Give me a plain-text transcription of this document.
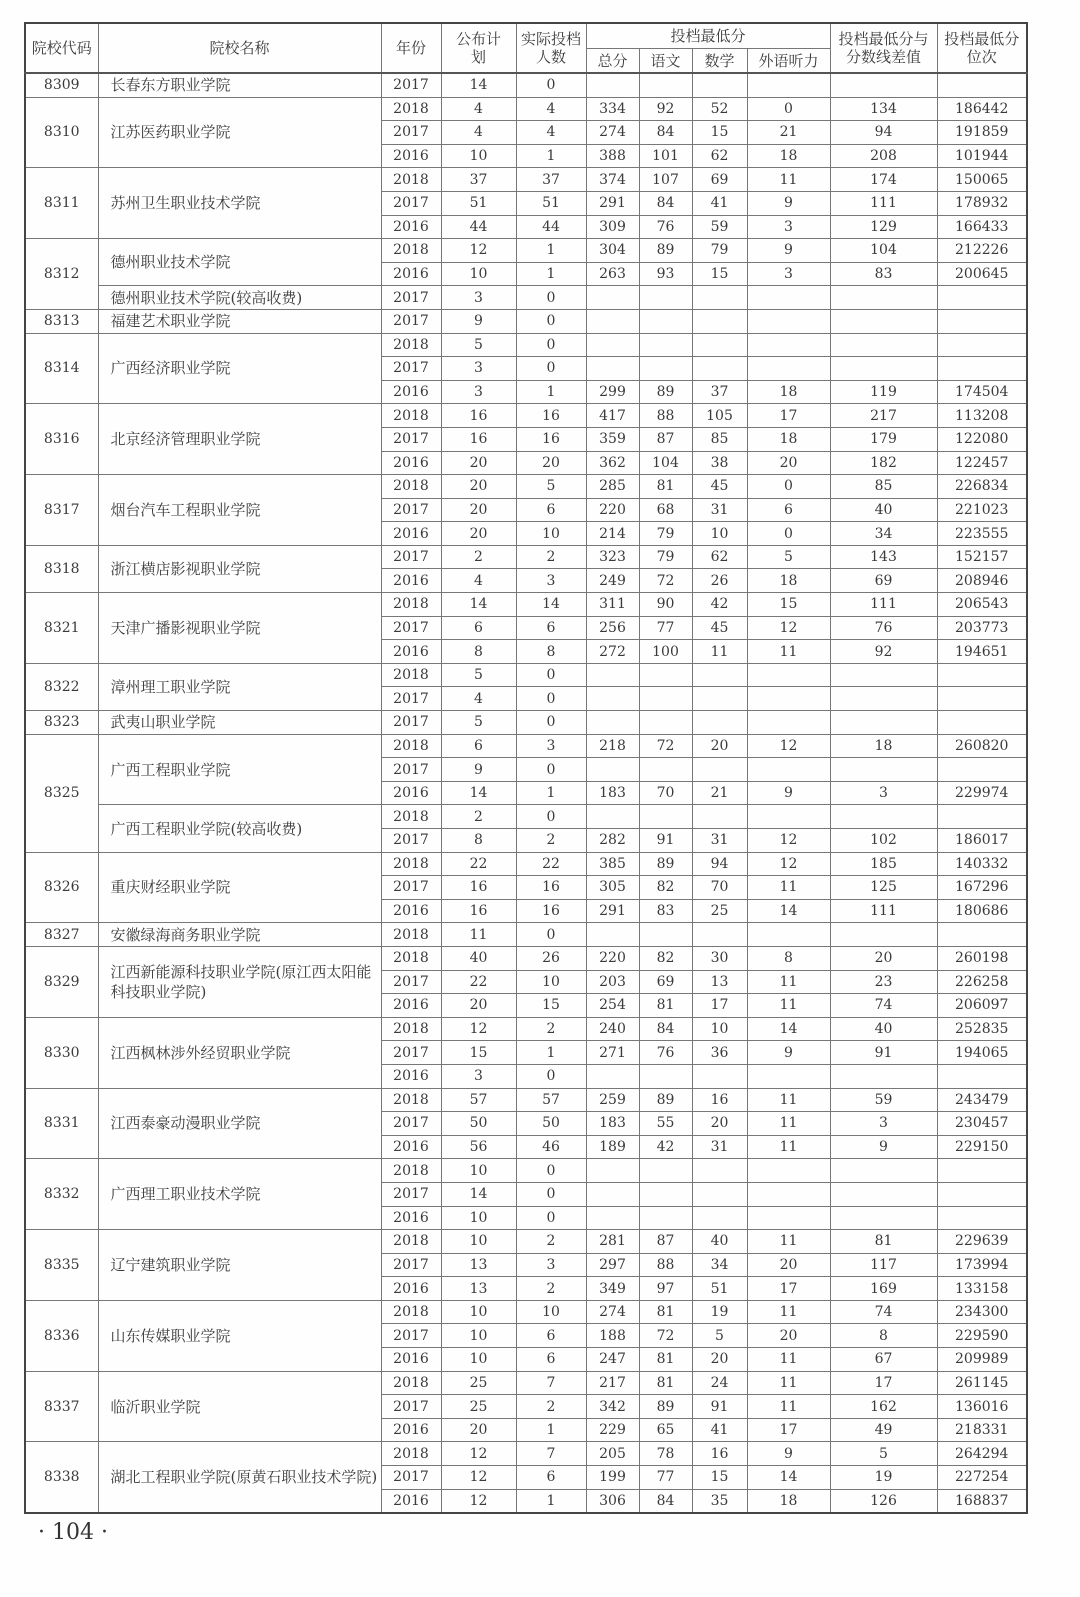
院校代码	院校名称	年份	公布计划	实际投档人数	投档最低分				投档最低分与分数线差值	投档最低分位次
					总分	语文	数学	外语听力		
8309	长春东方职业学院	2017	14	0						
8310	江苏医药职业学院	2018	4	4	334	92	52	0	134	186442
		2017	4	4	274	84	15	21	94	191859
		2016	10	1	388	101	62	18	208	101944
8311	苏州卫生职业技术学院	2018	37	37	374	107	69	11	174	150065
		2017	51	51	291	84	41	9	111	178932
		2016	44	44	309	76	59	3	129	166433
8312	德州职业技术学院	2018	12	1	304	89	79	9	104	212226
		2016	10	1	263	93	15	3	83	200645
	德州职业技术学院(较高收费)	2017	3	0						
8313	福建艺术职业学院	2017	9	0						
8314	广西经济职业学院	2018	5	0						
		2017	3	0						
		2016	3	1	299	89	37	18	119	174504
8316	北京经济管理职业学院	2018	16	16	417	88	105	17	217	113208
		2017	16	16	359	87	85	18	179	122080
		2016	20	20	362	104	38	20	182	122457
8317	烟台汽车工程职业学院	2018	20	5	285	81	45	0	85	226834
		2017	20	6	220	68	31	6	40	221023
		2016	20	10	214	79	10	0	34	223555
8318	浙江横店影视职业学院	2017	2	2	323	79	62	5	143	152157
		2016	4	3	249	72	26	18	69	208946
8321	天津广播影视职业学院	2018	14	14	311	90	42	15	111	206543
		2017	6	6	256	77	45	12	76	203773
		2016	8	8	272	100	11	11	92	194651
8322	漳州理工职业学院	2018	5	0						
		2017	4	0						
8323	武夷山职业学院	2017	5	0						
8325	广西工程职业学院	2018	6	3	218	72	20	12	18	260820
		2017	9	0						
		2016	14	1	183	70	21	9	3	229974
	广西工程职业学院(较高收费)	2018	2	0						
		2017	8	2	282	91	31	12	102	186017
8326	重庆财经职业学院	2018	22	22	385	89	94	12	185	140332
		2017	16	16	305	82	70	11	125	167296
		2016	16	16	291	83	25	14	111	180686
8327	安徽绿海商务职业学院	2018	11	0						
8329	江西新能源科技职业学院(原江西太阳能科技职业学院)	2018	40	26	220	82	30	8	20	260198
		2017	22	10	203	69	13	11	23	226258
		2016	20	15	254	81	17	11	74	206097
8330	江西枫林涉外经贸职业学院	2018	12	2	240	84	10	14	40	252835
		2017	15	1	271	76	36	9	91	194065
		2016	3	0						
8331	江西泰豪动漫职业学院	2018	57	57	259	89	16	11	59	243479
		2017	50	50	183	55	20	11	3	230457
		2016	56	46	189	42	31	11	9	229150
8332	广西理工职业技术学院	2018	10	0						
		2017	14	0						
		2016	10	0						
8335	辽宁建筑职业学院	2018	10	2	281	87	40	11	81	229639
		2017	13	3	297	88	34	20	117	173994
		2016	13	2	349	97	51	17	169	133158
8336	山东传媒职业学院	2018	10	10	274	81	19	11	74	234300
		2017	10	6	188	72	5	20	8	229590
		2016	10	6	247	81	20	11	67	209989
8337	临沂职业学院	2018	25	7	217	81	24	11	17	261145
		2017	25	2	342	89	91	11	162	136016
		2016	20	1	229	65	41	17	49	218331
8338	湖北工程职业学院(原黄石职业技术学院)	2018	12	7	205	78	16	9	5	264294
		2017	12	6	199	77	15	14	19	227254
		2016	12	1	306	84	35	18	126	168837
· 104 ·
